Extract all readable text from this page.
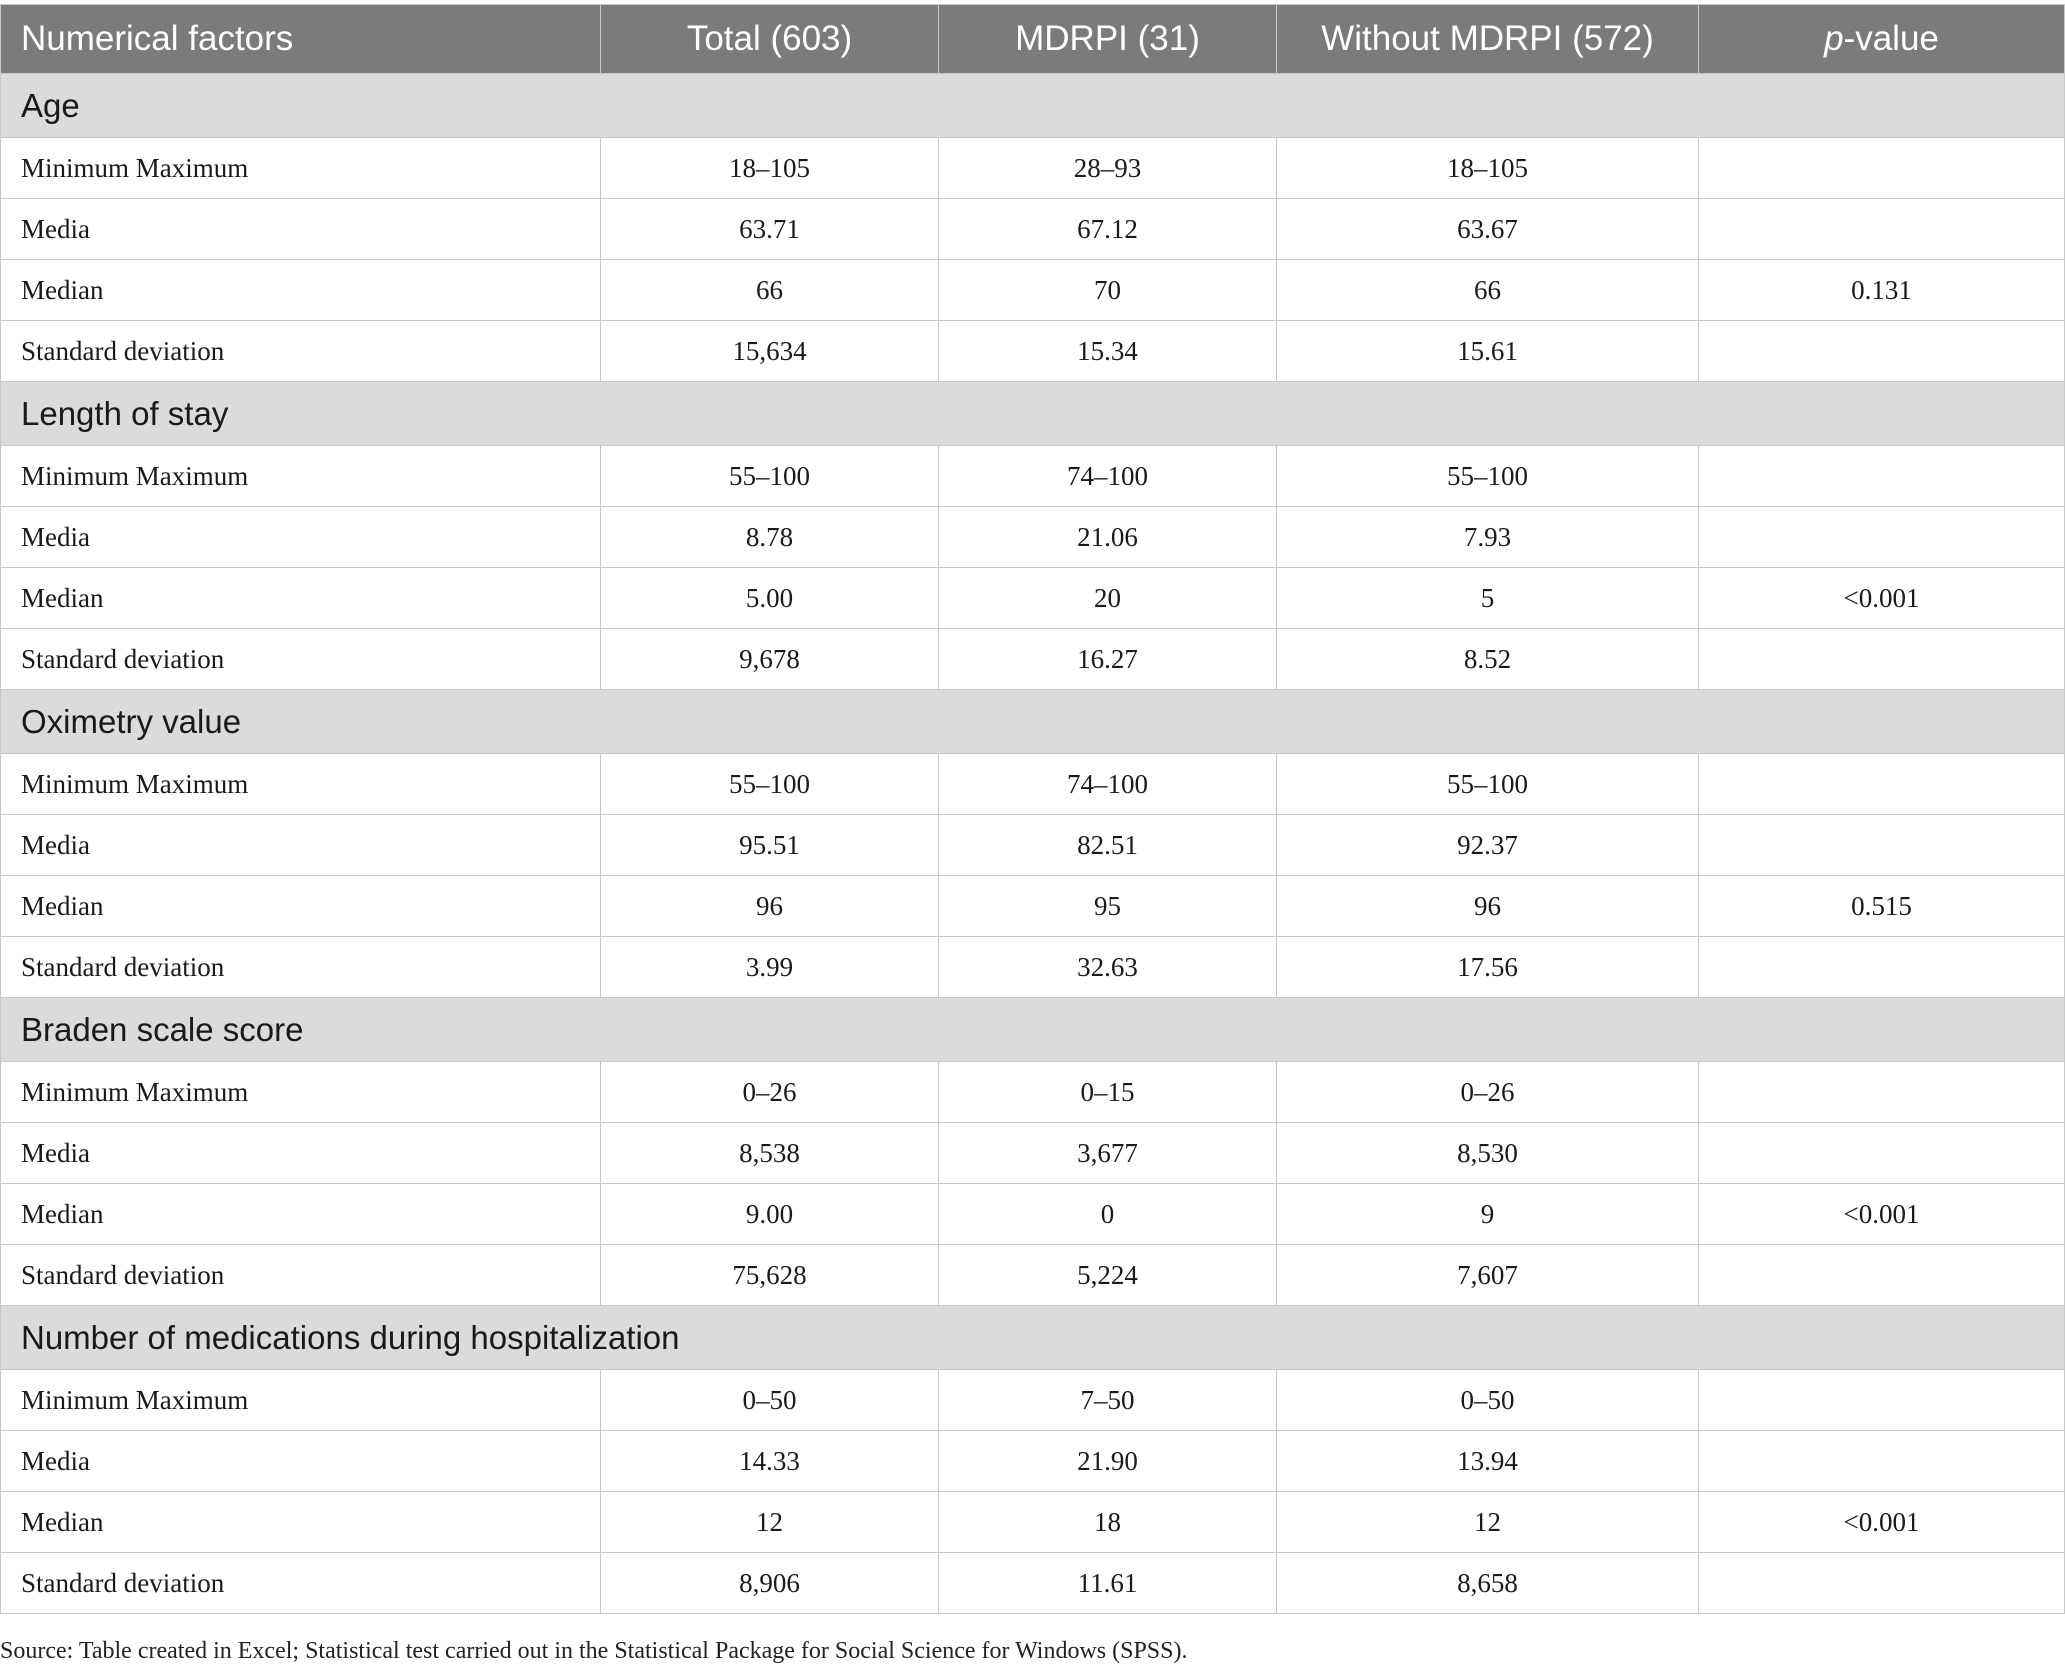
Numerical factors	Total (603)	MDRPI (31)	Without MDRPI (572)	p-value
Age				
Minimum Maximum	18–105	28–93	18–105	
Media	63.71	67.12	63.67	
Median	66	70	66	0.131
Standard deviation	15,634	15.34	15.61	
Length of stay				
Minimum Maximum	55–100	74–100	55–100	
Media	8.78	21.06	7.93	
Median	5.00	20	5	<0.001
Standard deviation	9,678	16.27	8.52	
Oximetry value				
Minimum Maximum	55–100	74–100	55–100	
Media	95.51	82.51	92.37	
Median	96	95	96	0.515
Standard deviation	3.99	32.63	17.56	
Braden scale score				
Minimum Maximum	0–26	0–15	0–26	
Media	8,538	3,677	8,530	
Median	9.00	0	9	<0.001
Standard deviation	75,628	5,224	7,607	
Number of medications during hospitalization				
Minimum Maximum	0–50	7–50	0–50	
Media	14.33	21.90	13.94	
Median	12	18	12	<0.001
Standard deviation	8,906	11.61	8,658	
Source: Table created in Excel; Statistical test carried out in the Statistical Package for Social Science for Windows (SPSS).
